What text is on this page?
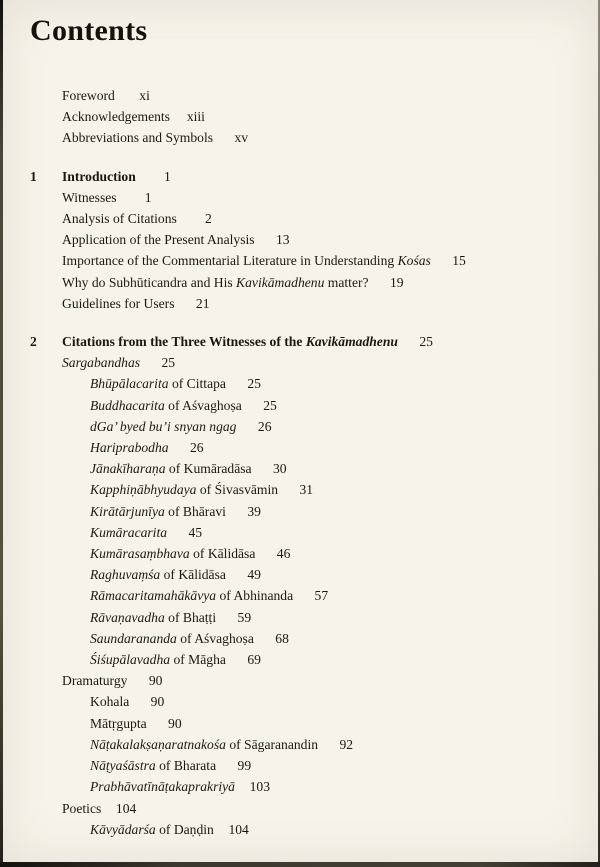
Contents
Foreword	xi
Acknowledgements	xiii
Abbreviations and Symbols	xv
1	Introduction	1
Witnesses	1
Analysis of Citations	2
Application of the Present Analysis	13
Importance of the Commentarial Literature in Understanding Kośas	15
Why do Subhūticandra and His Kavikāmadhenu matter?	19
Guidelines for Users	21
2	Citations from the Three Witnesses of the Kavikāmadhenu	25
Sargabandhas	25
Bhūpālacarita of Cittapa	25
Buddhacarita of Aśvaghoṣa	25
dGa’ byed bu’i snyan ngag	26
Hariprabodha	26
Jānakīharaṇa of Kumāradāsa	30
Kapphiṇābhyudaya of Śivasvāmin	31
Kirātārjunīya of Bhāravi	39
Kumāracarita	45
Kumārasaṃbhava of Kālidāsa	46
Raghuvaṃśa of Kālidāsa	49
Rāmacaritamahākāvya of Abhinanda	57
Rāvaṇavadha of Bhaṭṭi	59
Saundarananda of Aśvaghoṣa	68
Śiśupālavadha of Māgha	69
Dramaturgy	90
Kohala	90
Mātṛgupta	90
Nāṭakalakṣaṇaratnakośa of Sāgaranandin	92
Nāṭyaśāstra of Bharata	99
Prabhāvatīnāṭakaprakriyā	103
Poetics	104
Kāvyādarśa of Daṇḍin	104
